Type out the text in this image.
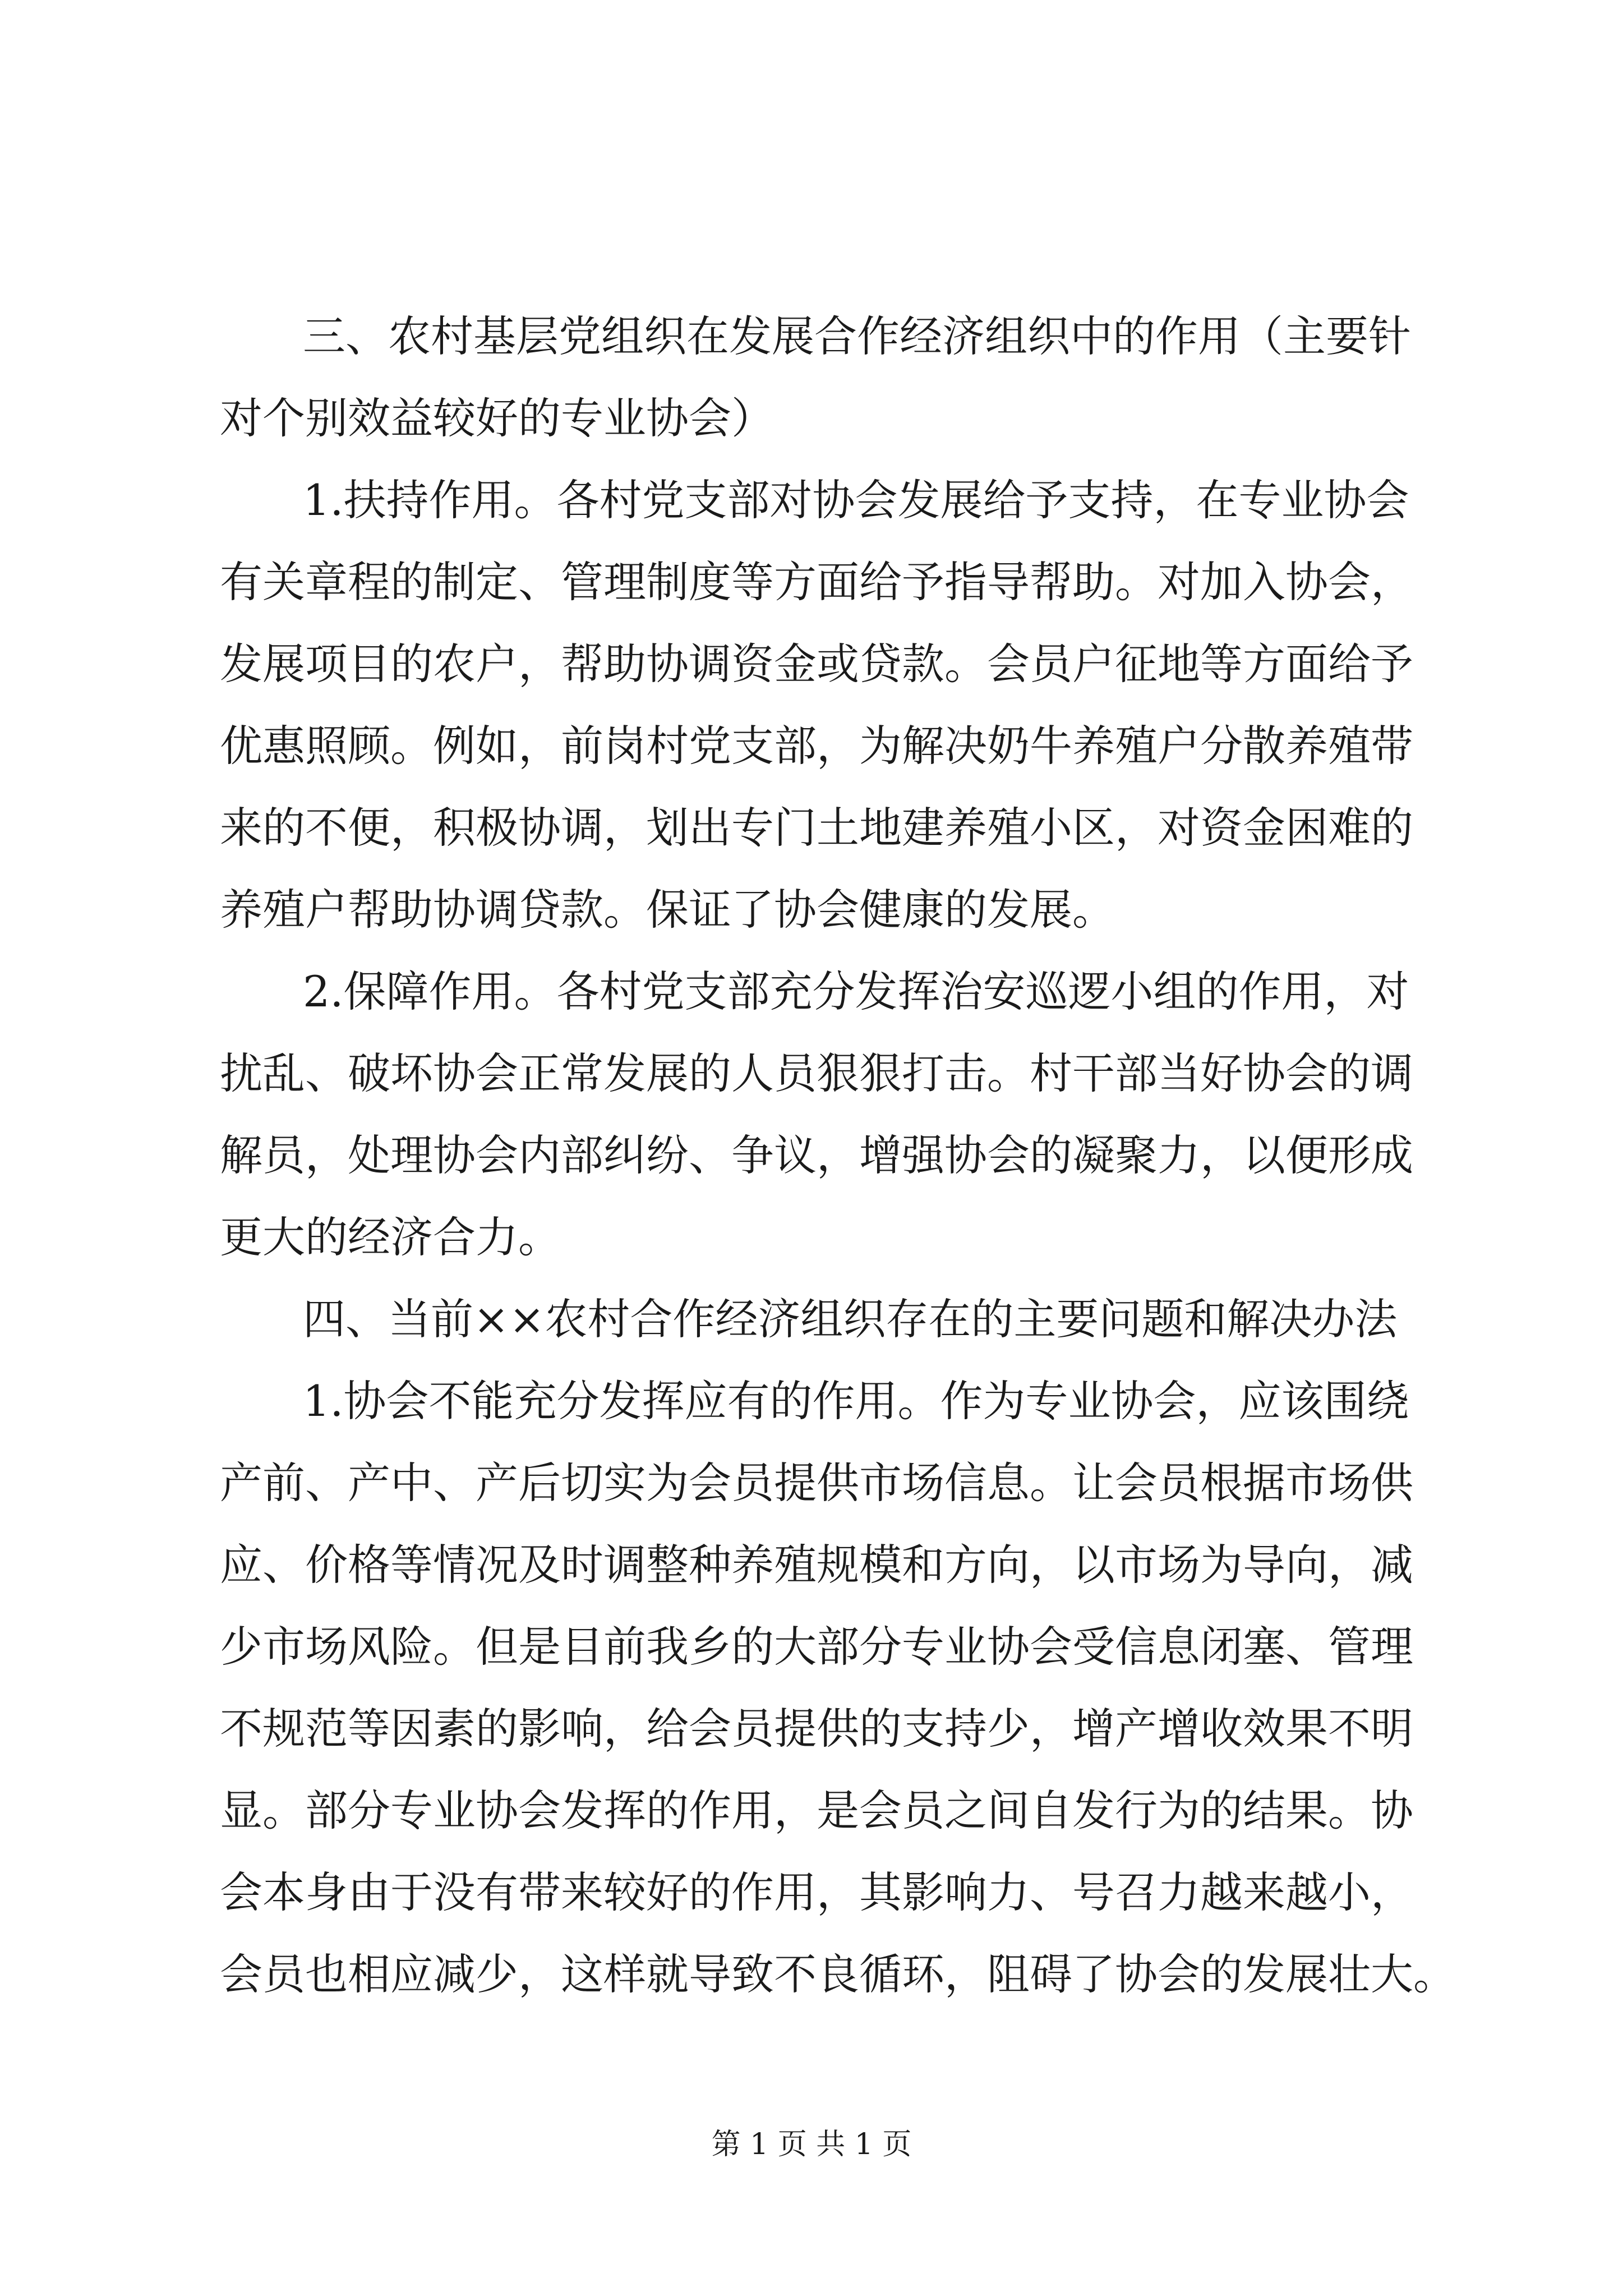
三、农村基层党组织在发展合作经济组织中的作用（主要针
对个别效益较好的专业协会）
1.扶持作用。各村党支部对协会发展给予支持，在专业协会
有关章程的制定、管理制度等方面给予指导帮助。对加入协会，
发展项目的农户，帮助协调资金或贷款。会员户征地等方面给予
优惠照顾。例如，前岗村党支部，为解决奶牛养殖户分散养殖带
来的不便，积极协调，划出专门土地建养殖小区，对资金困难的
养殖户帮助协调贷款。保证了协会健康的发展。
2.保障作用。各村党支部充分发挥治安巡逻小组的作用，对
扰乱、破坏协会正常发展的人员狠狠打击。村干部当好协会的调
解员，处理协会内部纠纷、争议，增强协会的凝聚力，以便形成
更大的经济合力。
四、当前××农村合作经济组织存在的主要问题和解决办法
1.协会不能充分发挥应有的作用。作为专业协会，应该围绕
产前、产中、产后切实为会员提供市场信息。让会员根据市场供
应、价格等情况及时调整种养殖规模和方向，以市场为导向，减
少市场风险。但是目前我乡的大部分专业协会受信息闭塞、管理
不规范等因素的影响，给会员提供的支持少，增产增收效果不明
显。部分专业协会发挥的作用，是会员之间自发行为的结果。协
会本身由于没有带来较好的作用，其影响力、号召力越来越小，
会员也相应减少，这样就导致不良循环，阻碍了协会的发展壮大。
第 1 页 共 1 页
